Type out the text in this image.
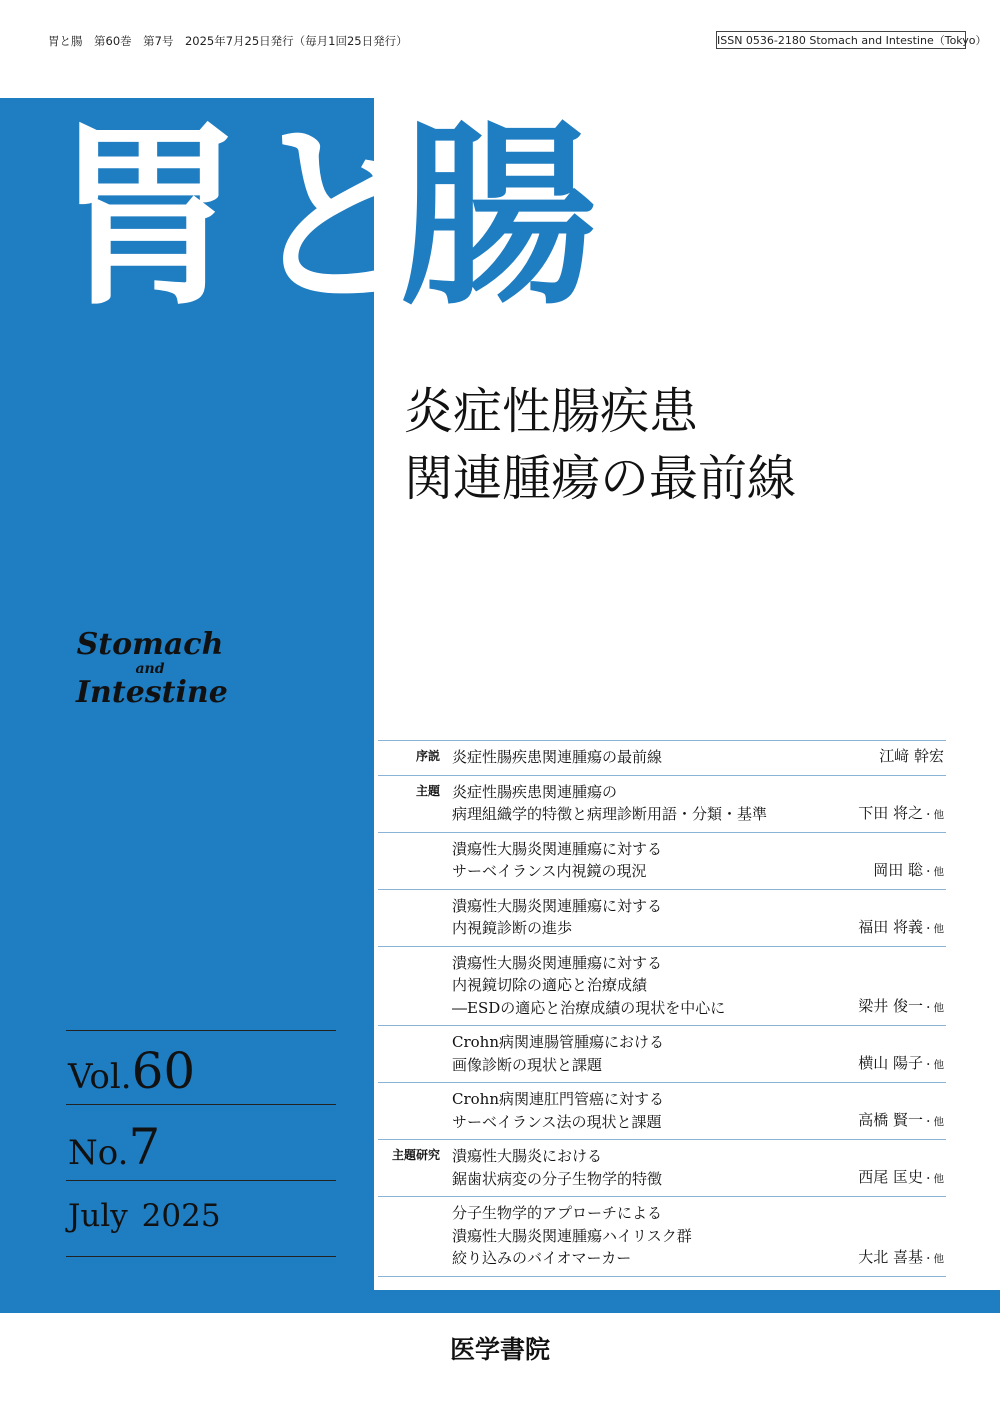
胃と腸　第60巻　第7号　2025年7月25日発行（毎月1回25日発行）	ISSN 0536-2180 Stomach and Intestine（Tokyo）
胃と
腸
炎症性腸疾患
関連腫瘍の最前線
Stomach
and
Intestine
Vol.60
No.7
July 2025
序説 炎症性腸疾患関連腫瘍の最前線	江﨑 幹宏
主題 炎症性腸疾患関連腫瘍の
病理組織学的特徴と病理診断用語・分類・基準	下田 将之・他
潰瘍性大腸炎関連腫瘍に対する
サーベイランス内視鏡の現況	岡田 聡・他
潰瘍性大腸炎関連腫瘍に対する
内視鏡診断の進歩	福田 将義・他
潰瘍性大腸炎関連腫瘍に対する
内視鏡切除の適応と治療成績
―ESDの適応と治療成績の現状を中心に	梁井 俊一・他
Crohn病関連腸管腫瘍における
画像診断の現状と課題	横山 陽子・他
Crohn病関連肛門管癌に対する
サーベイランス法の現状と課題	高橋 賢一・他
主題研究 潰瘍性大腸炎における
鋸歯状病変の分子生物学的特徴	西尾 匡史・他
分子生物学的アプローチによる
潰瘍性大腸炎関連腫瘍ハイリスク群
絞り込みのバイオマーカー	大北 喜基・他
医学書院
